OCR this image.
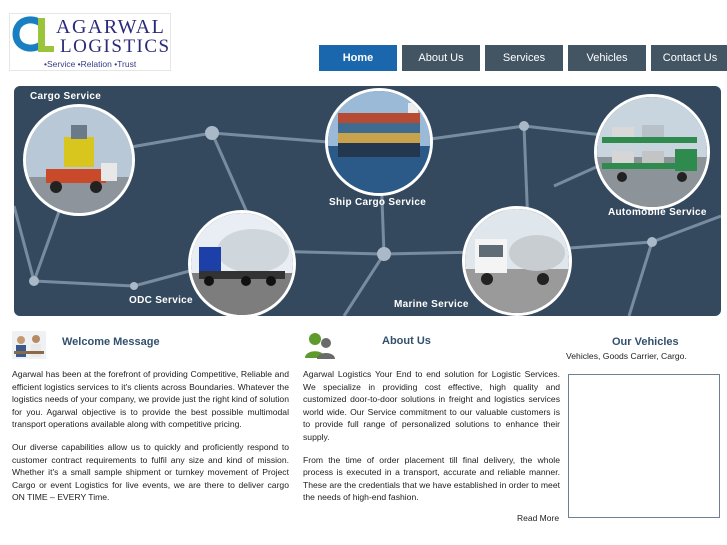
AGARWAL
LOGISTICS
•Service •Relation •Trust	Home	About Us	Services	Vehicles	Contact Us
Cargo Service
Ship Cargo Service
Automobile Service
ODC Service	Marine Service
Welcome Message

Agarwal has been at the forefront of providing Competitive, Reliable and efficient logistics services to it's clients across Boundaries. Whatever the logistics needs of your company, we provide just the right kind of solution for you. Agarwal objective is to provide the best possible multimodal transport operations available along with competitive pricing.

Our diverse capabilities allow us to quickly and proficiently respond to customer contract requirements to fulfil any size and kind of mission. Whether it's a small sample shipment or turnkey movement of Project Cargo or event Logistics for live events, we are there to deliver cargo ON TIME – EVERY Time.

About Us

Agarwal Logistics Your End to end solution for Logistic Services. We specialize in providing cost effective, high quality and customized door-to-door solutions in freight and logistics services world wide. Our Service commitment to our valuable customers is to provide full range of personalized solutions to enhance their supply.

From the time of order placement till final delivery, the whole process is executed in a transport, accurate and reliable manner. These are the credentials that we have established in order to meet the needs of high-end fashion.

Read More
Our Vehicles
Vehicles, Goods Carrier, Cargo.
